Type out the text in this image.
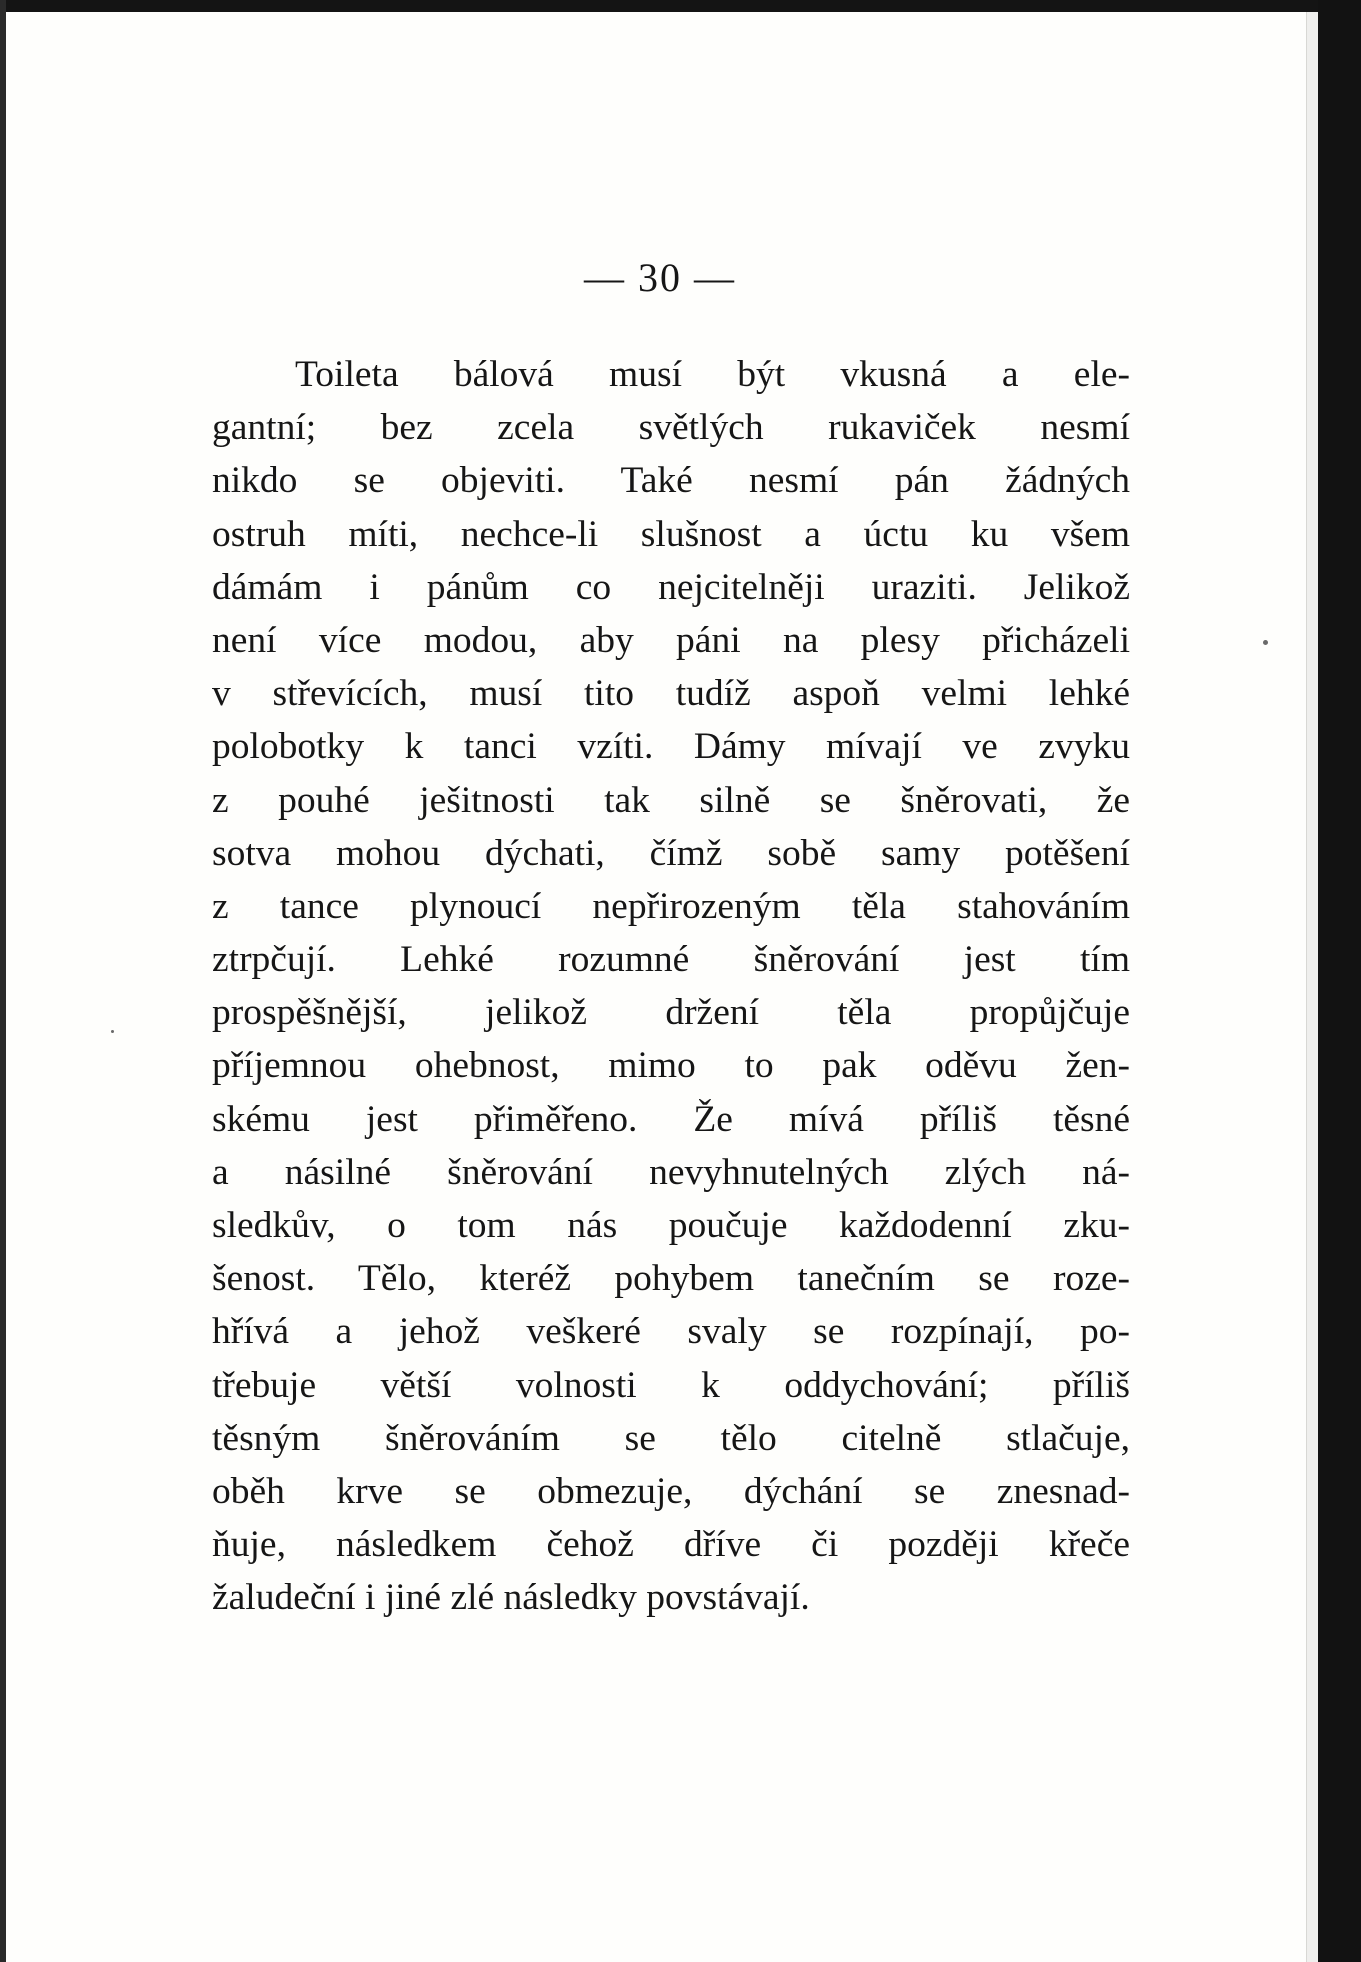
— 30 —
Toileta bálová musí být vkusná a ele-
gantní; bez zcela světlých rukaviček nesmí
nikdo se objeviti. Také nesmí pán žádných
ostruh míti, nechce-li slušnost a úctu ku všem
dámám i pánům co nejcitelněji uraziti. Jelikož
není více modou, aby páni na plesy přicházeli
v střevících, musí tito tudíž aspoň velmi lehké
polobotky k tanci vzíti. Dámy mívají ve zvyku
z pouhé ješitnosti tak silně se šněrovati, že
sotva mohou dýchati, čímž sobě samy potěšení
z tance plynoucí nepřirozeným těla stahováním
ztrpčují. Lehké rozumné šněrování jest tím
prospěšnější, jelikož držení těla propůjčuje
příjemnou ohebnost, mimo to pak oděvu žen-
skému jest přiměřeno. Že mívá příliš těsné
a násilné šněrování nevyhnutelných zlých ná-
sledkův, o tom nás poučuje každodenní zku-
šenost. Tělo, kteréž pohybem tanečním se roze-
hřívá a jehož veškeré svaly se rozpínají, po-
třebuje větší volnosti k oddychování; příliš
těsným šněrováním se tělo citelně stlačuje,
oběh krve se obmezuje, dýchání se znesnad-
ňuje, následkem čehož dříve či později křeče
žaludeční i jiné zlé následky povstávají.
